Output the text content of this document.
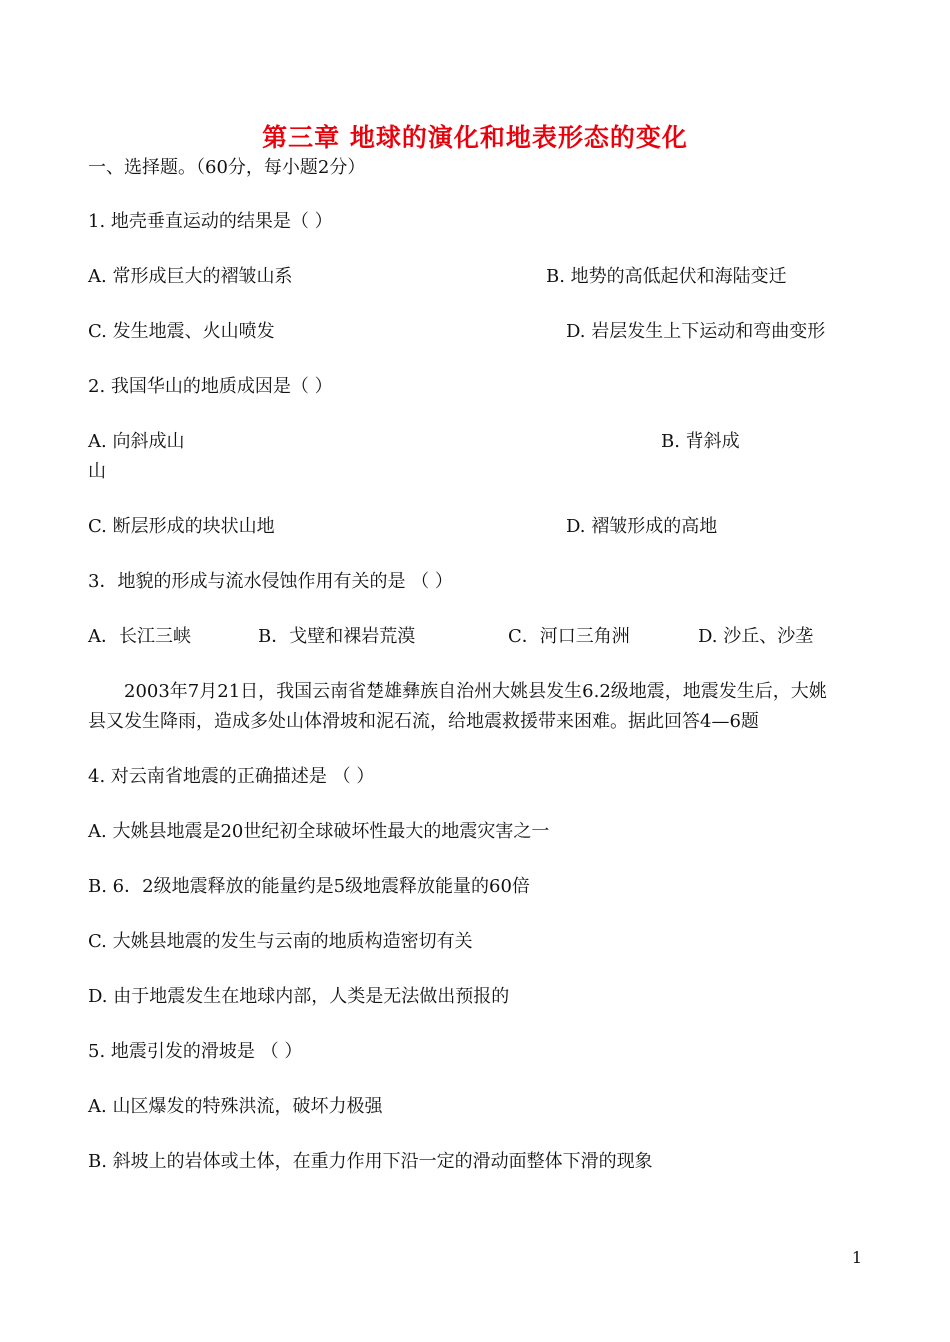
第三章 地球的演化和地表形态的变化
一、选择题。（60分，每小题2分）
1. 地壳垂直运动的结果是（ ）
A. 常形成巨大的褶皱山系	B. 地势的高低起伏和海陆变迁
C. 发生地震、火山喷发	D. 岩层发生上下运动和弯曲变形
2. 我国华山的地质成因是（ ）
A. 向斜成山	B. 背斜成
山
C. 断层形成的块状山地	D. 褶皱形成的高地
3．地貌的形成与流水侵蚀作用有关的是 （ ）
A．长江三峡	B．戈壁和裸岩荒漠	C．河口三角洲	D. 沙丘、沙垄
2003年7月21日，我国云南省楚雄彝族自治州大姚县发生6.2级地震，地震发生后，大姚
县又发生降雨，造成多处山体滑坡和泥石流，给地震救援带来困难。据此回答4—6题
4. 对云南省地震的正确描述是 （ ）
A. 大姚县地震是20世纪初全球破坏性最大的地震灾害之一
B. 6．2级地震释放的能量约是5级地震释放能量的60倍
C. 大姚县地震的发生与云南的地质构造密切有关
D. 由于地震发生在地球内部，人类是无法做出预报的
5. 地震引发的滑坡是 （ ）
A. 山区爆发的特殊洪流，破坏力极强
B. 斜坡上的岩体或土体，在重力作用下沿一定的滑动面整体下滑的现象
1
